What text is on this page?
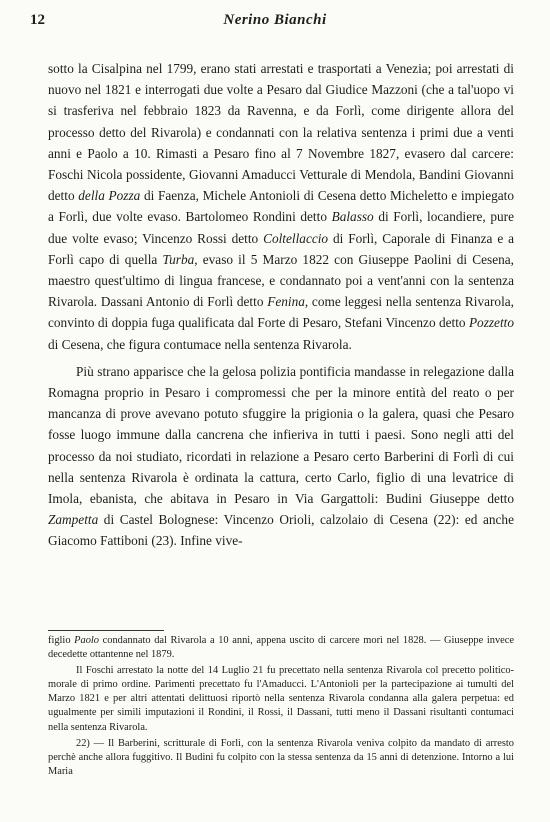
12	Nerino Bianchi

sotto la Cisalpina nel 1799, erano stati arrestati e trasportati a Venezia; poi arrestati di nuovo nel 1821 e interrogati due volte a Pesaro dal Giudice Mazzoni (che a tal'uopo vi si trasferiva nel febbraio 1823 da Ravenna, e da Forlì, come dirigente allora del processo detto del Rivarola) e condannati con la relativa sentenza i primi due a venti anni e Paolo a 10. Rimasti a Pesaro fino al 7 Novembre 1827, evasero dal carcere: Foschi Nicola possidente, Giovanni Amaducci Vetturale di Mendola, Bandini Giovanni detto della Pozza di Faenza, Michele Antonioli di Cesena detto Micheletto e impiegato a Forlì, due volte evaso. Bartolomeo Rondini detto Balasso di Forlì, locandiere, pure due volte evaso; Vincenzo Rossi detto Coltellaccio di Forlì, Caporale di Finanza e a Forlì capo di quella Turba, evaso il 5 Marzo 1822 con Giuseppe Paolini di Cesena, maestro quest'ultimo di lingua francese, e condannato poi a vent'anni con la sentenza Rivarola. Dassani Antonio di Forlì detto Fenina, come leggesi nella sentenza Rivarola, convinto di doppia fuga qualificata dal Forte di Pesaro, Stefani Vincenzo detto Pozzetto di Cesena, che figura contumace nella sentenza Rivarola.

Più strano apparisce che la gelosa polizia pontificia mandasse in relegazione dalla Romagna proprio in Pesaro i compromessi che per la minore entità del reato o per mancanza di prove avevano potuto sfuggire la prigionia o la galera, quasi che Pesaro fosse luogo immune dalla cancrena che infieriva in tutti i paesi. Sono negli atti del processo da noi studiato, ricordati in relazione a Pesaro certo Barberini di Forlì di cui nella sentenza Rivarola è ordinata la cattura, certo Carlo, figlio di una levatrice di Imola, ebanista, che abitava in Pesaro in Via Gargattoli: Budini Giuseppe detto Zampetta di Castel Bolognese: Vincenzo Orioli, calzolaio di Cesena (22): ed anche Giacomo Fattiboni (23). Infine vive-

figlio Paolo condannato dal Rivarola a 10 anni, appena uscito di carcere morì nel 1828. — Giuseppe invece decedette ottantenne nel 1879.

Il Foschi arrestato la notte del 14 Luglio 21 fu precettato nella sentenza Rivarola col precetto politico-morale di primo ordine. Parimenti precettato fu l'Amaducci. L'Antonioli per la partecipazione ai tumulti del Marzo 1821 e per altri attentati delittuosi riportò nella sentenza Rivarola condanna alla galera perpetua: ed ugualmente per simili imputazioni il Rondini, il Rossi, il Dassani, tutti meno il Dassani risultanti contumaci nella sentenza Rivarola.

22) — Il Barberini, scritturale di Forlì, con la sentenza Rivarola veniva colpito da mandato di arresto perchè anche allora fuggitivo. Il Budini fu colpito con la stessa sentenza da 15 anni di detenzione. Intorno a lui Maria
